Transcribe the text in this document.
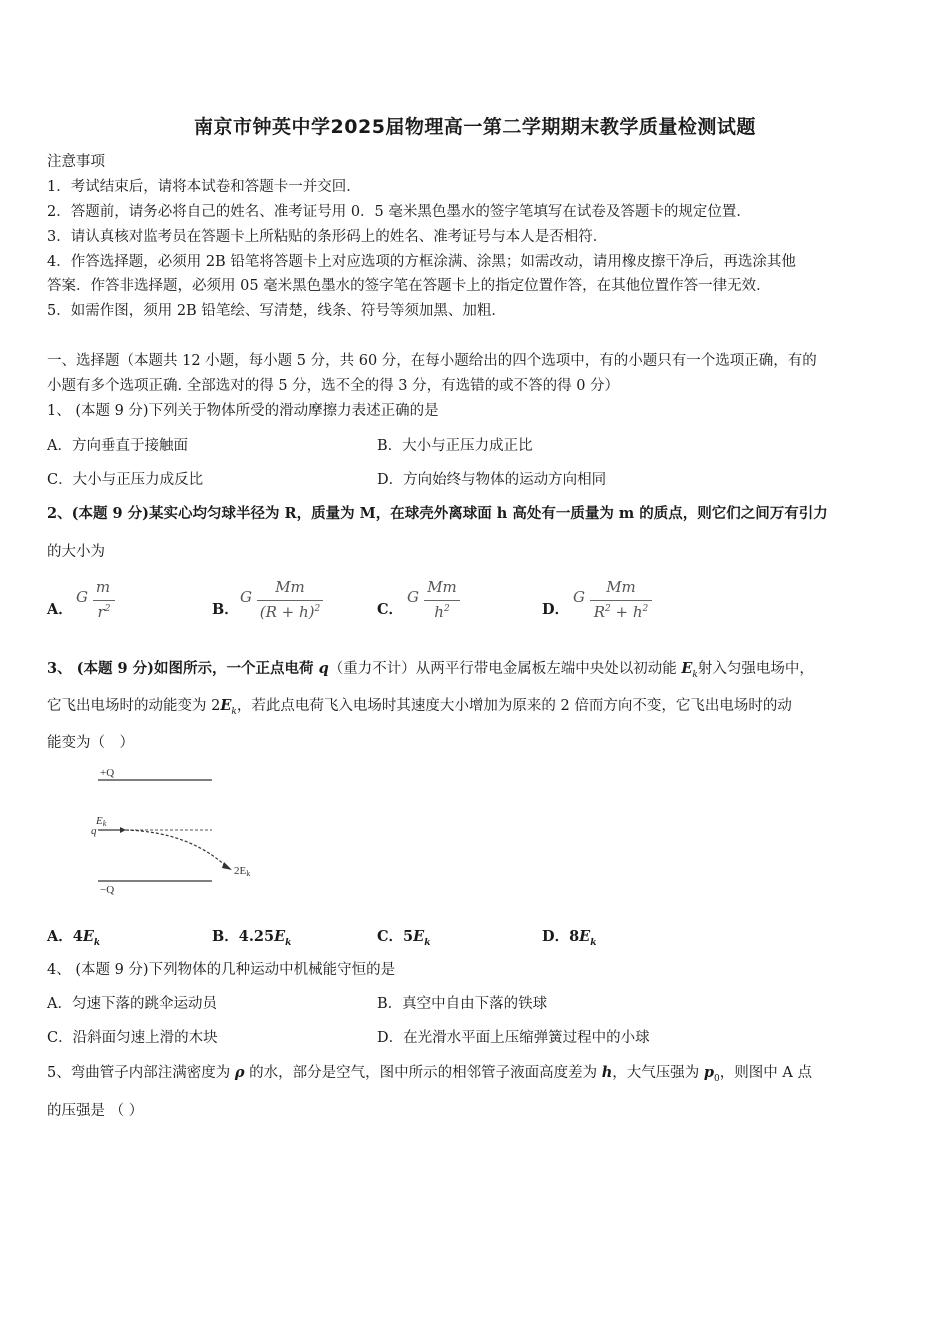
南京市钟英中学2025届物理高一第二学期期末教学质量检测试题
注意事项
1．考试结束后，请将本试卷和答题卡一并交回．
2．答题前，请务必将自己的姓名、准考证号用 0．5 毫米黑色墨水的签字笔填写在试卷及答题卡的规定位置．
3．请认真核对监考员在答题卡上所粘贴的条形码上的姓名、准考证号与本人是否相符．
4．作答选择题，必须用 2B 铅笔将答题卡上对应选项的方框涂满、涂黑；如需改动，请用橡皮擦干净后，再选涂其他
答案．作答非选择题，必须用 05 毫米黑色墨水的签字笔在答题卡上的指定位置作答，在其他位置作答一律无效．
5．如需作图，须用 2B 铅笔绘、写清楚，线条、符号等须加黑、加粗．
一、选择题（本题共 12 小题，每小题 5 分，共 60 分，在每小题给出的四个选项中，有的小题只有一个选项正确，有的
小题有多个选项正确. 全部选对的得 5 分，选不全的得 3 分，有选错的或不答的得 0 分）
1、 (本题 9 分)下列关于物体所受的滑动摩擦力表述正确的是
A．方向垂直于接触面	B．大小与正压力成正比
C．大小与正压力成反比	D．方向始终与物体的运动方向相同
2、(本题 9 分)某实心均匀球半径为 R，质量为 M，在球壳外离球面 h 高处有一质量为 m 的质点，则它们之间万有引力
的大小为
A．
G
m
$r^2$	B．
G
Mm
$(R + h)^2$	C．
G
Mm
$h^2$	D．
G
Mm
$R^2 + h^2$
3、 (本题 9 分)如图所示，一个正点电荷 q（重力不计）从两平行带电金属板左端中央处以初动能 $E_k$射入匀强电场中，
它飞出电场时的动能变为 $2E_k$，若此点电荷飞入电场时其速度大小增加为原来的 2 倍而方向不变，它飞出电场时的动
能变为（　）
+Q
Ek
q
2Ek
−Q
A．$4E_k$	B．$4.25E_k$	C．$5E_k$	D．$8E_k$
4、 (本题 9 分)下列物体的几种运动中机械能守恒的是
A．匀速下落的跳伞运动员	B．真空中自由下落的铁球
C．沿斜面匀速上滑的木块	D．在光滑水平面上压缩弹簧过程中的小球
5、弯曲管子内部注满密度为 ρ 的水，部分是空气，图中所示的相邻管子液面高度差为 h，大气压强为 $p_0$，则图中 A 点
的压强是 （ ）
